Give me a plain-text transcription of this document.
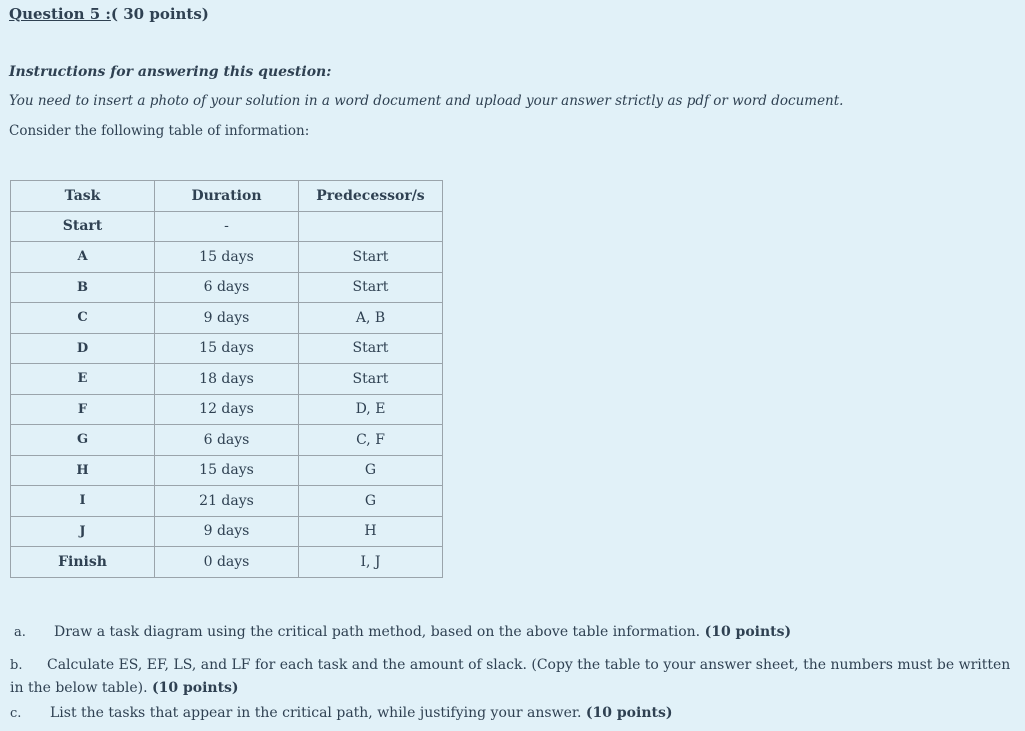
Question 5 :( 30 points)
Instructions for answering this question:
You need to insert a photo of your solution in a word document and upload your answer strictly as pdf or word document.
Consider the following table of information:
Task	Duration	Predecessor/s
Start	-	
A	15 days	Start
B	6 days	Start
C	9 days	A, B
D	15 days	Start
E	18 days	Start
F	12 days	D, E
G	6 days	C, F
H	15 days	G
I	21 days	G
J	9 days	H
Finish	0 days	I, J
a. Draw a task diagram using the critical path method, based on the above table information. (10 points)
b. Calculate ES, EF, LS, and LF for each task and the amount of slack. (Copy the table to your answer sheet, the numbers must be written in the below table). (10 points)
c. List the tasks that appear in the critical path, while justifying your answer. (10 points)
